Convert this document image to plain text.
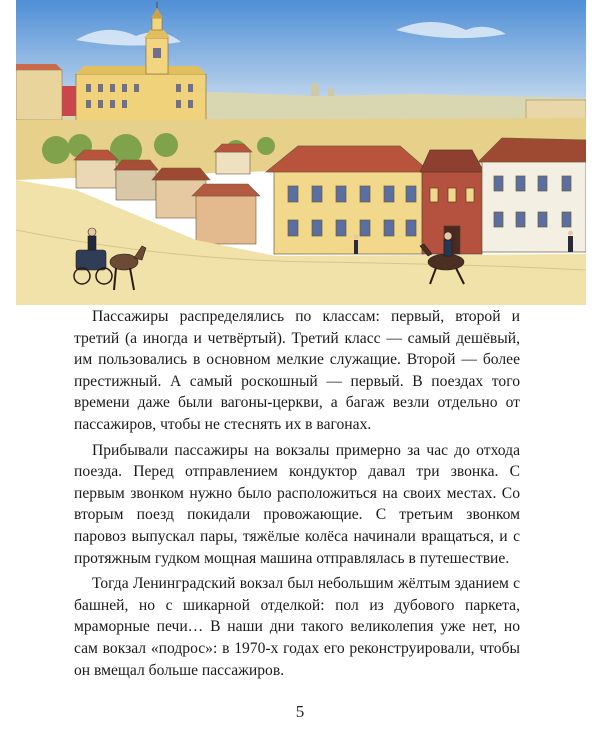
Пассажиры распределялись по классам: первый, второй и третий (а иногда и четвёртый). Третий класс — самый дешёвый, им пользовались в основном мелкие служащие. Второй — более престижный. А самый роскошный — первый. В поездах того времени даже были вагоны-церкви, а багаж везли отдельно от пассажиров, чтобы не стеснять их в вагонах.

Прибывали пассажиры на вокзалы примерно за час до отхода поезда. Перед отправлением кондуктор давал три звонка. С первым звонком нужно было расположиться на своих местах. Со вторым поезд покидали провожающие. С третьим звонком паровоз выпускал пары, тяжёлые колёса начинали вращаться, и с протяжным гудком мощная машина отправлялась в путешествие.

Тогда Ленинградский вокзал был небольшим жёлтым зданием с башней, но с шикарной отделкой: пол из дубового паркета, мраморные печи… В наши дни такого великолепия уже нет, но сам вокзал «подрос»: в 1970-х годах его реконструировали, чтобы он вмещал больше пассажиров.

5
